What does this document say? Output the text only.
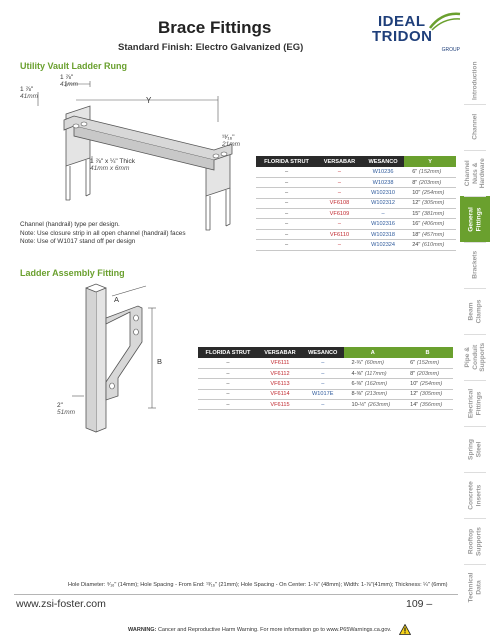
Brace Fittings
Standard Finish: Electro Galvanized (EG)
IDEAL
TRIDON
GROUP
Utility Vault Ladder Rung
1 ⅞"
41mm
1 ⅞"
41mm	Y
¹³⁄₁₆"
21mm
1 ⅞" x ¼" Thick
41mm x 6mm
Channel (handrail) type per design.
Note: Use closure strip in all open channel (handrail) faces
Note: Use of W1017 stand off per design
FLORIDA STRUT	VERSABAR	WESANCO	Y
–	–	W10236	6" (152mm)
–	–	W10238	8" (203mm)
–	–	W102310	10" (254mm)
–	VF6108	W102312	12" (305mm)
–	VF6109	–	15" (381mm)
–	–	W102316	16" (406mm)
–	VF6110	W102318	18" (457mm)
–	–	W102324	24" (610mm)
Ladder Assembly Fitting
A
B
2"
51mm
FLORIDA STRUT	VERSABAR	WESANCO	A	B
–	VF6111	–	2-¾" (60mm)	6" (152mm)
–	VF6112	–	4-⅝" (117mm)	8" (203mm)
–	VF6113	–	6-⅜" (162mm)	10" (254mm)
–	VF6114	W1017E	8-⅜" (213mm)	12" (305mm)
–	VF6115	–	10-½" (263mm)	14" (356mm)
Introduction
Channel
Channel Nuts & Hardware
General Fittings
Brackets
Beam Clamps
Pipe & Conduit Supports
Electrical Fittings
Spring Steel
Concrete Inserts
Rooftop Supports
Technical Data
Hole Diameter: ⁹⁄₁₆" (14mm); Hole Spacing - From End: ¹³⁄₁₆" (21mm); Hole Spacing - On Center: 1-⅞" (48mm); Width: 1-⅞"(41mm); Thickness: ¼" (6mm)
www.zsi-foster.com	109 –
WARNING: Cancer and Reproductive Harm Warning. For more information go to www.P65Warnings.ca.gov.
